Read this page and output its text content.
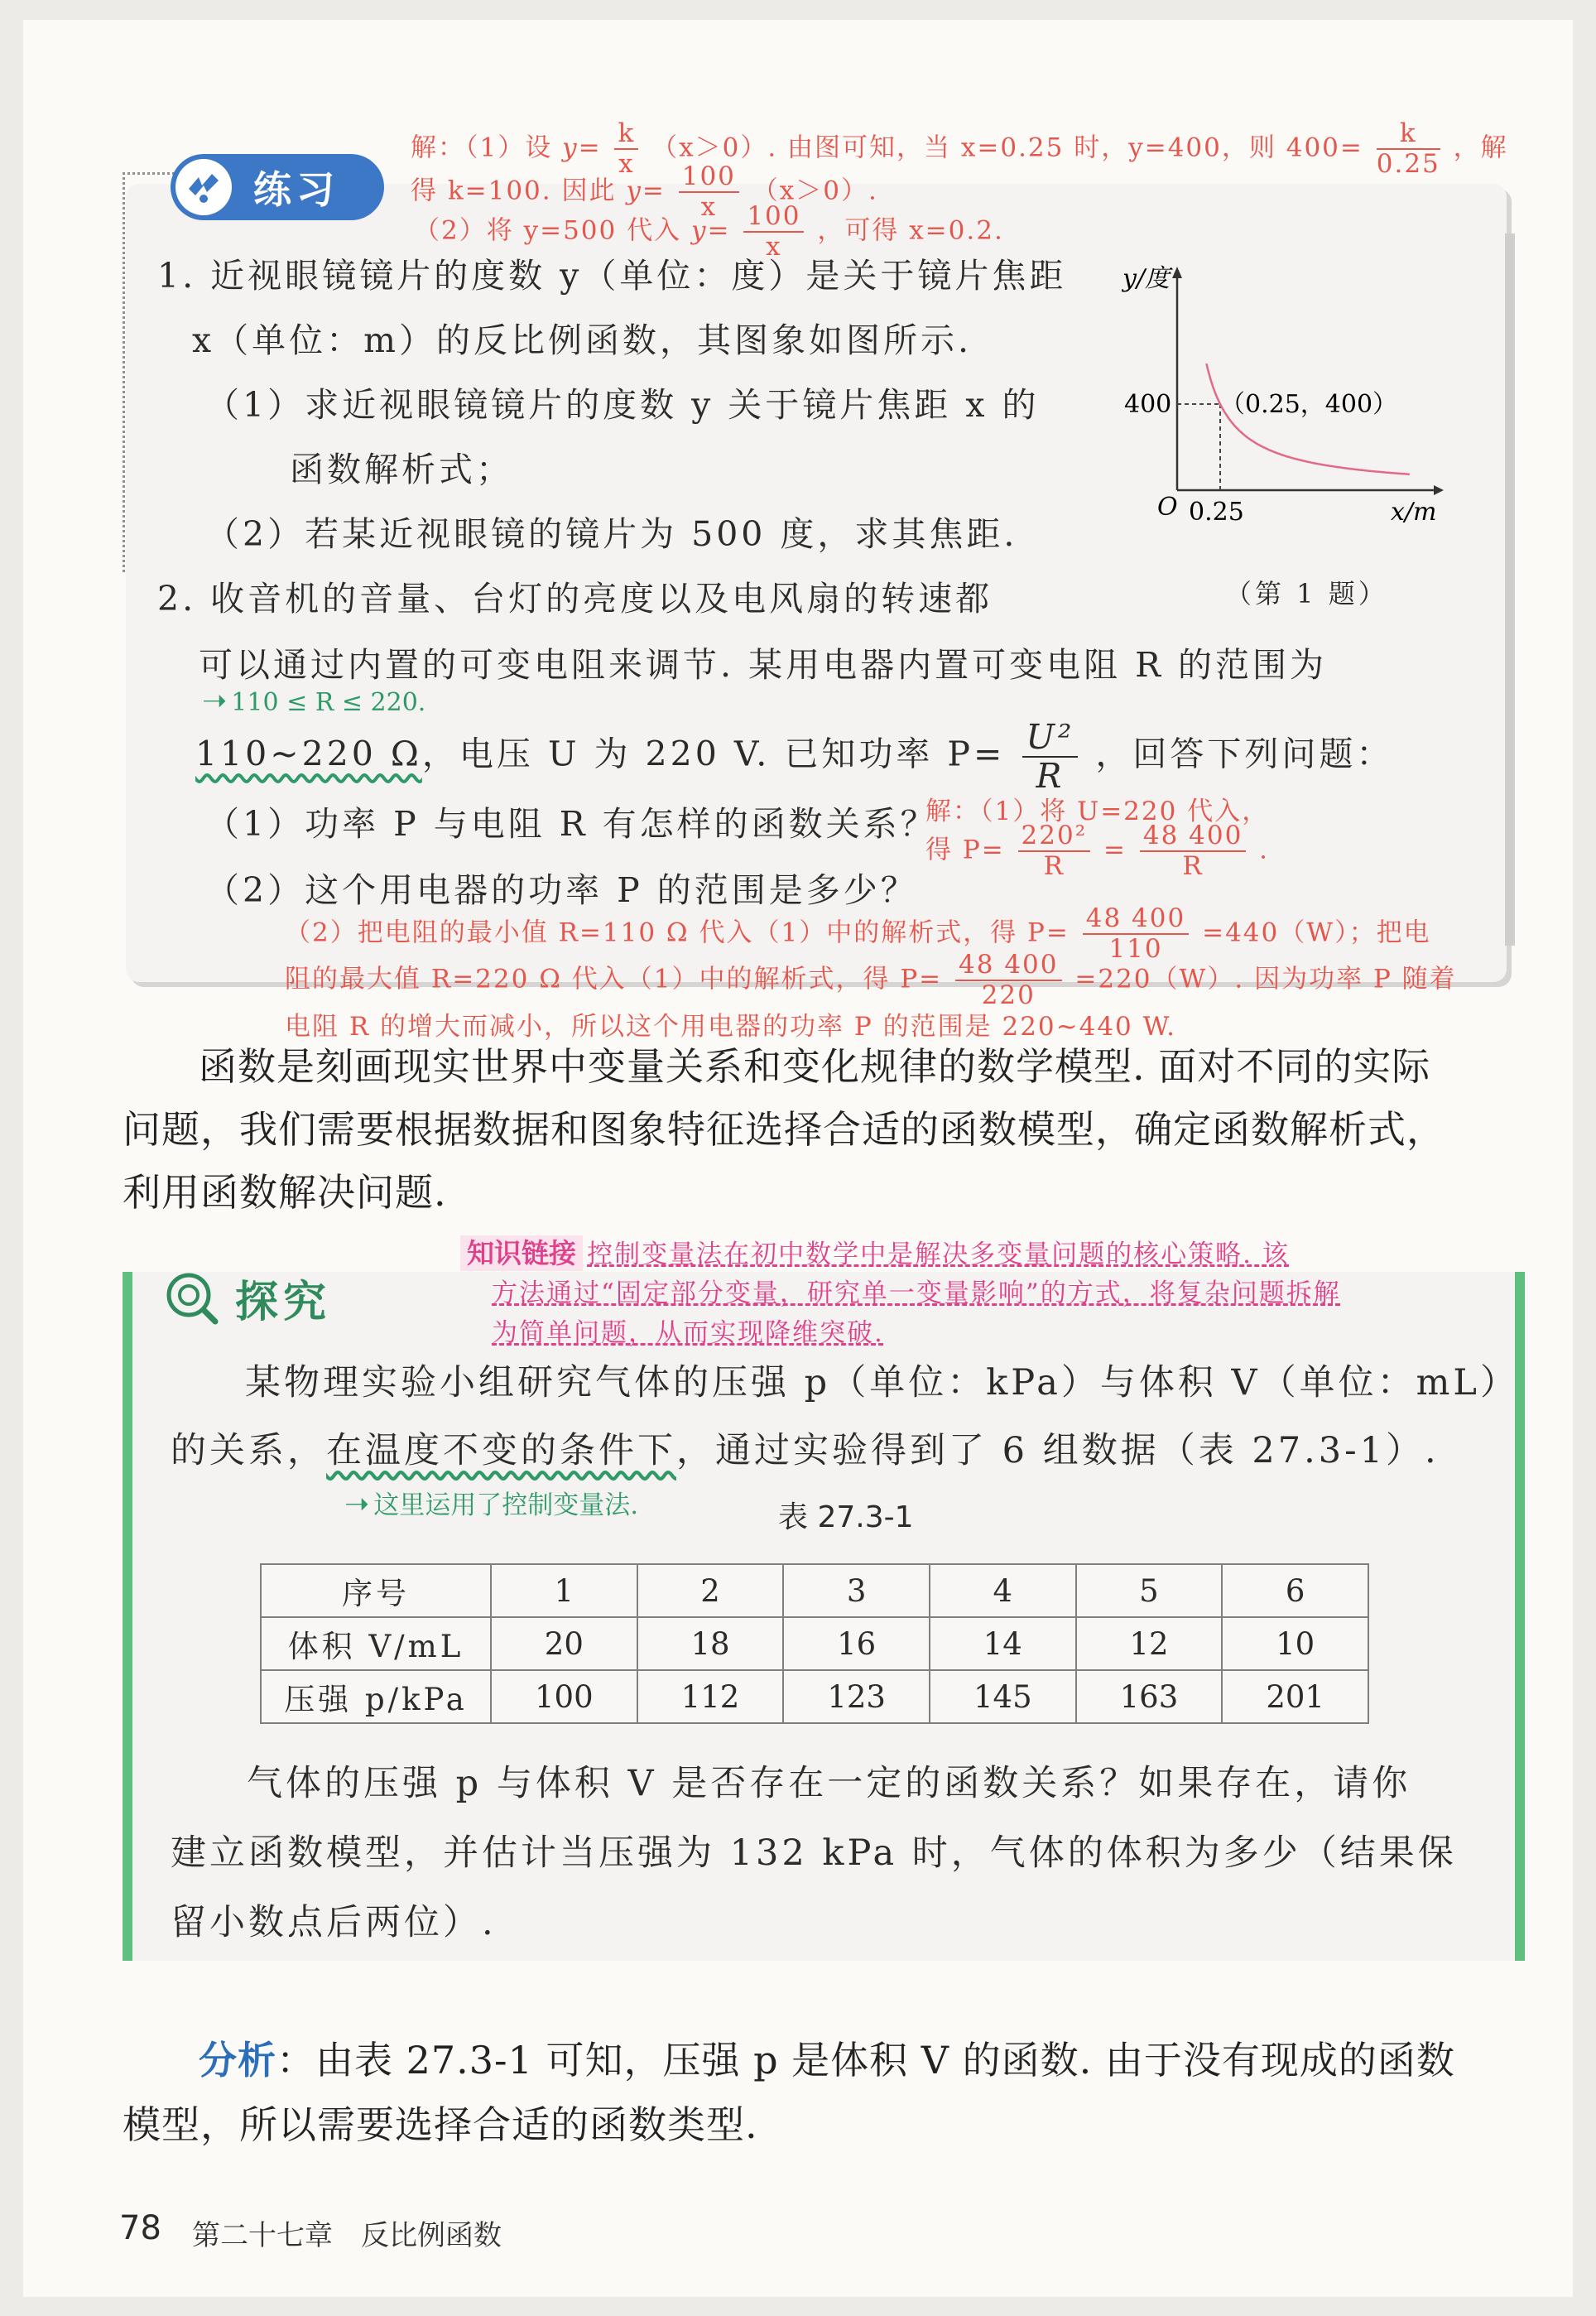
练习
解：（1）设 $y= \frac{k}{x} (x>0)$. 由图可知，当 x=0.25 时，y=400，则 $400= \frac{k}{0.25}$ ，解
得 k=100. 因此 $y= \frac{100}{x} (x>0)$.
（2）将 y=500 代入 $y= \frac{100}{x}$ ，可得 x=0.2.
1. 近视眼镜镜片的度数 y（单位：度）是关于镜片焦距
x（单位：m）的反比例函数，其图象如图所示.
（1）求近视眼镜镜片的度数 y 关于镜片焦距 x 的
函数解析式；
（2）若某近视眼镜的镜片为 500 度，求其焦距.
y/度
400
O 0.25	x/m
（0.25，400）
（第 1 题）
2. 收音机的音量、台灯的亮度以及电风扇的转速都
可以通过内置的可变电阻来调节. 某用电器内置可变电阻 R 的范围为
➝ 110 ≤ R ≤ 220.
110~220 Ω，电压 U 为 220 V. 已知功率 $P= \frac{\text{U²}}{R}$ ，回答下列问题：
（1）功率 P 与电阻 R 有怎样的函数关系？
（2）这个用电器的功率 P 的范围是多少？
解：（1）将 U=220 代入，
得 $P= \frac{\text{220²}}{R} = \frac{48 400}{R}$ .
（2）把电阻的最小值 R=110 Ω 代入（1）中的解析式，得 $P= \frac{48 400}{110} =440(W)$；把电
阻的最大值 R=220 Ω 代入（1）中的解析式，得 $P= \frac{48 400}{220} =220(W)$. 因为功率 P 随着
电阻 R 的增大而减小，所以这个用电器的功率 P 的范围是 220~440 W.
函数是刻画现实世界中变量关系和变化规律的数学模型. 面对不同的实际
问题，我们需要根据数据和图象特征选择合适的函数模型，确定函数解析式，
利用函数解决问题.
探究
知识链接 控制变量法在初中数学中是解决多变量问题的核心策略. 该
方法通过“固定部分变量，研究单一变量影响”的方式，将复杂问题拆解
为简单问题，从而实现降维突破.
某物理实验小组研究气体的压强 p（单位：kPa）与体积 V（单位：mL）
的关系，在温度不变的条件下，通过实验得到了 6 组数据（表 27.3-1）.
➝ 这里运用了控制变量法.	表 27.3-1
序号	1	2	3	4	5	6
体积 V/mL	20	18	16	14	12	10
压强 p/kPa	100	112	123	145	163	201
气体的压强 p 与体积 V 是否存在一定的函数关系？如果存在，请你
建立函数模型，并估计当压强为 132 kPa 时，气体的体积为多少（结果保
留小数点后两位）.
分析：由表 27.3-1 可知，压强 p 是体积 V 的函数. 由于没有现成的函数
模型，所以需要选择合适的函数类型.
78 第二十七章　反比例函数
